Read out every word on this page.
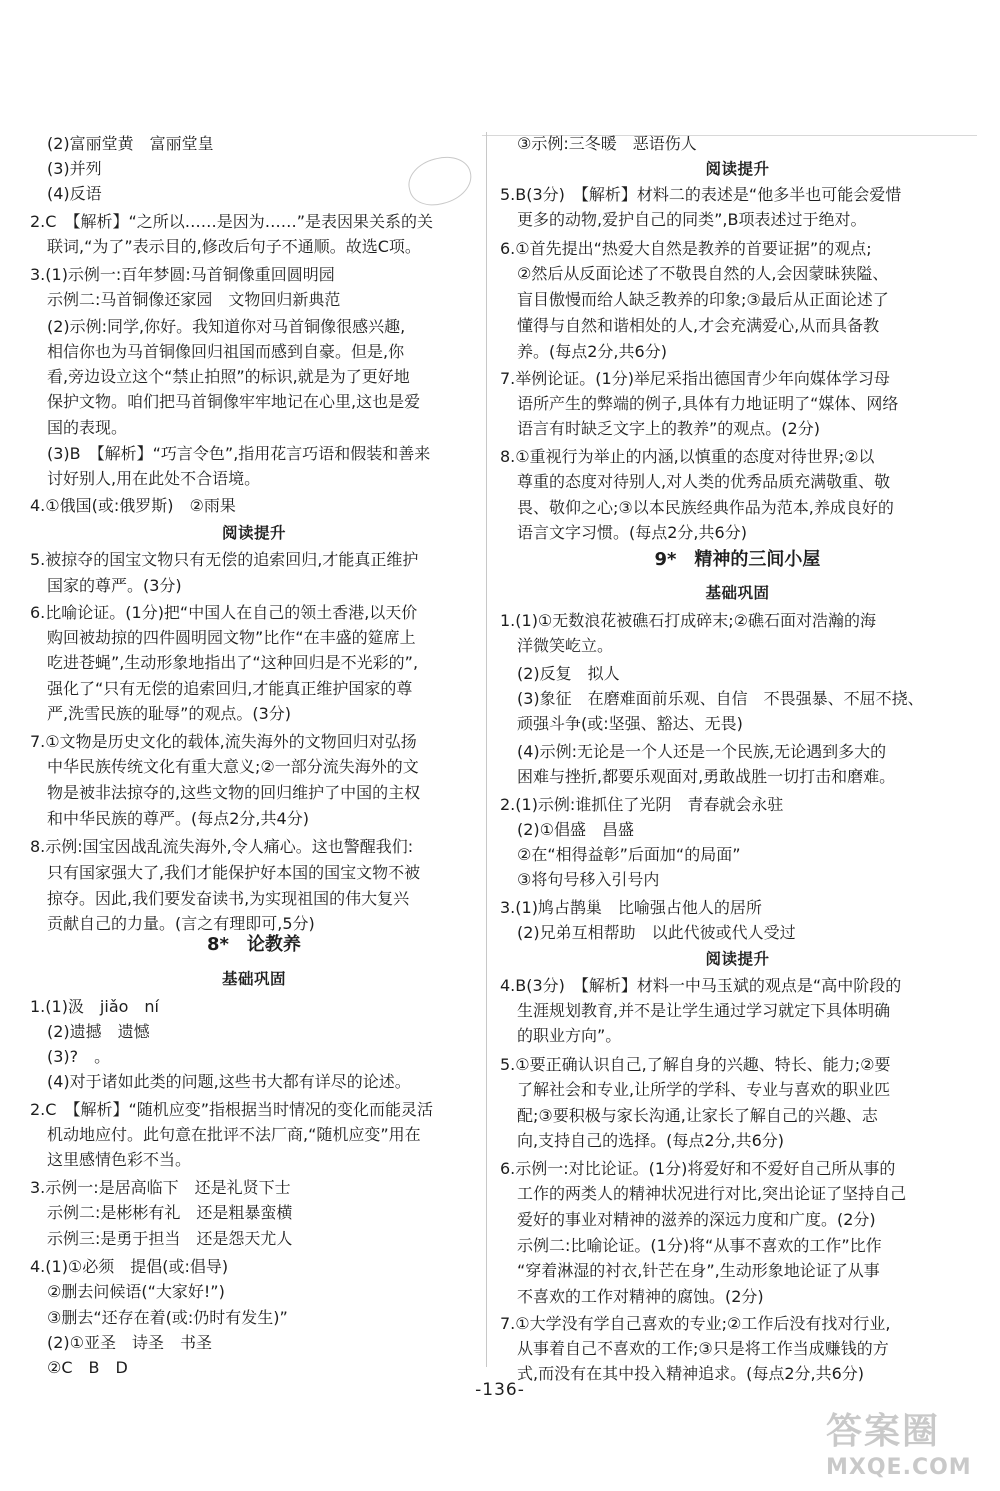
(2)富丽堂黄　富丽堂皇
(3)并列
(4)反语
2.C　【解析】“之所以……是因为……”是表因果关系的关
联词,“为了”表示目的,修改后句子不通顺。故选C项。
3.(1)示例一:百年梦圆:马首铜像重回圆明园
示例二:马首铜像还家园　文物回归新典范
(2)示例:同学,你好。我知道你对马首铜像很感兴趣,
相信你也为马首铜像回归祖国而感到自豪。但是,你
看,旁边设立这个“禁止拍照”的标识,就是为了更好地
保护文物。咱们把马首铜像牢牢地记在心里,这也是爱
国的表现。
(3)B　【解析】“巧言令色”,指用花言巧语和假装和善来
讨好别人,用在此处不合语境。
4.①俄国(或:俄罗斯)　②雨果
阅读提升
5.被掠夺的国宝文物只有无偿的追索回归,才能真正维护
国家的尊严。(3分)
6.比喻论证。(1分)把“中国人在自己的领土香港,以天价
购回被劫掠的四件圆明园文物”比作“在丰盛的筵席上
吃进苍蝇”,生动形象地指出了“这种回归是不光彩的”,
强化了“只有无偿的追索回归,才能真正维护国家的尊
严,洗雪民族的耻辱”的观点。(3分)
7.①文物是历史文化的载体,流失海外的文物回归对弘扬
中华民族传统文化有重大意义;②一部分流失海外的文
物是被非法掠夺的,这些文物的回归维护了中国的主权
和中华民族的尊严。(每点2分,共4分)
8.示例:国宝因战乱流失海外,令人痛心。这也警醒我们:
只有国家强大了,我们才能保护好本国的国宝文物不被
掠夺。因此,我们要发奋读书,为实现祖国的伟大复兴
贡献自己的力量。(言之有理即可,5分)
8*　论教养
基础巩固
1.(1)汲　jiǎo　ní
(2)遗撼　遗憾
(3)?　。
(4)对于诸如此类的问题,这些书大都有详尽的论述。
2.C　【解析】“随机应变”指根据当时情况的变化而能灵活
机动地应付。此句意在批评不法厂商,“随机应变”用在
这里感情色彩不当。
3.示例一:是居高临下　还是礼贤下士
示例二:是彬彬有礼　还是粗暴蛮横
示例三:是勇于担当　还是怨天尤人
4.(1)①必须　提倡(或:倡导)
②删去问候语(“大家好!”)
③删去“还存在着(或:仍时有发生)”
(2)①亚圣　诗圣　书圣
②C　B　D
③示例:三冬暖　恶语伤人
阅读提升
5.B(3分)　【解析】材料二的表述是“他多半也可能会爱惜
更多的动物,爱护自己的同类”,B项表述过于绝对。
6.①首先提出“热爱大自然是教养的首要证据”的观点;
②然后从反面论述了不敬畏自然的人,会因蒙昧狭隘、
盲目傲慢而给人缺乏教养的印象;③最后从正面论述了
懂得与自然和谐相处的人,才会充满爱心,从而具备教
养。(每点2分,共6分)
7.举例论证。(1分)举尼采指出德国青少年向媒体学习母
语所产生的弊端的例子,具体有力地证明了“媒体、网络
语言有时缺乏文字上的教养”的观点。(2分)
8.①重视行为举止的内涵,以慎重的态度对待世界;②以
尊重的态度对待别人,对人类的优秀品质充满敬重、敬
畏、敬仰之心;③以本民族经典作品为范本,养成良好的
语言文字习惯。(每点2分,共6分)
9*　精神的三间小屋
基础巩固
1.(1)①无数浪花被礁石打成碎末;②礁石面对浩瀚的海
洋微笑屹立。
(2)反复　拟人
(3)象征　在磨难面前乐观、自信　不畏强暴、不屈不挠、
顽强斗争(或:坚强、豁达、无畏)
(4)示例:无论是一个人还是一个民族,无论遇到多大的
困难与挫折,都要乐观面对,勇敢战胜一切打击和磨难。
2.(1)示例:谁抓住了光阴　青春就会永驻
(2)①倡盛　昌盛
②在“相得益彰”后面加“的局面”
③将句号移入引号内
3.(1)鸠占鹊巢　比喻强占他人的居所
(2)兄弟互相帮助　以此代彼或代人受过
阅读提升
4.B(3分)　【解析】材料一中马玉斌的观点是“高中阶段的
生涯规划教育,并不是让学生通过学习就定下具体明确
的职业方向”。
5.①要正确认识自己,了解自身的兴趣、特长、能力;②要
了解社会和专业,让所学的学科、专业与喜欢的职业匹
配;③要积极与家长沟通,让家长了解自己的兴趣、志
向,支持自己的选择。(每点2分,共6分)
6.示例一:对比论证。(1分)将爱好和不爱好自己所从事的
工作的两类人的精神状况进行对比,突出论证了坚持自己
爱好的事业对精神的滋养的深远力度和广度。(2分)
示例二:比喻论证。(1分)将“从事不喜欢的工作”比作
“穿着淋湿的衬衣,针芒在身”,生动形象地论证了从事
不喜欢的工作对精神的腐蚀。(2分)
7.①大学没有学自己喜欢的专业;②工作后没有找对行业,
从事着自己不喜欢的工作;③只是将工作当成赚钱的方
式,而没有在其中投入精神追求。(每点2分,共6分)
-136-
答案圈
MXQE.COM
